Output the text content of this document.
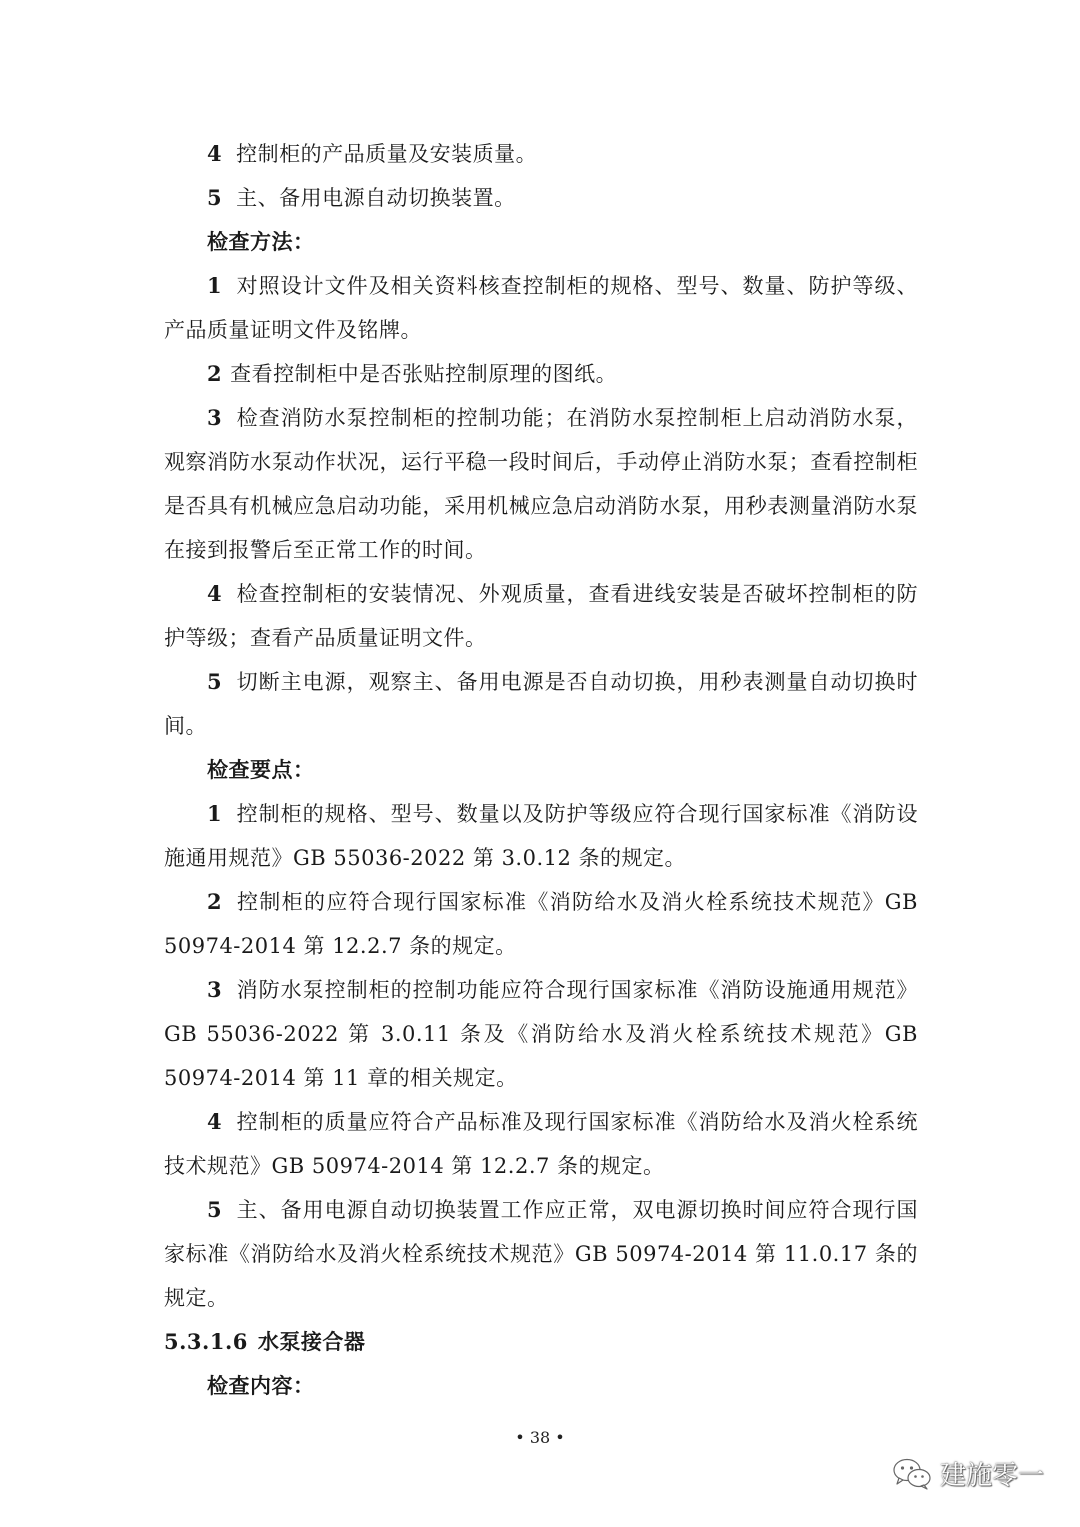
4 控制柜的产品质量及安装质量。

5 主、备用电源自动切换装置。

检查方法：

1 对照设计文件及相关资料核查控制柜的规格、型号、数量、防护等级、产品质量证明文件及铭牌。

2 查看控制柜中是否张贴控制原理的图纸。

3 检查消防水泵控制柜的控制功能；在消防水泵控制柜上启动消防水泵，观察消防水泵动作状况，运行平稳一段时间后，手动停止消防水泵；查看控制柜是否具有机械应急启动功能，采用机械应急启动消防水泵，用秒表测量消防水泵在接到报警后至正常工作的时间。

4 检查控制柜的安装情况、外观质量，查看进线安装是否破坏控制柜的防护等级；查看产品质量证明文件。

5 切断主电源，观察主、备用电源是否自动切换，用秒表测量自动切换时间。

检查要点：

1 控制柜的规格、型号、数量以及防护等级应符合现行国家标准《消防设施通用规范》GB 55036-2022 第 3.0.12 条的规定。

2 控制柜的应符合现行国家标准《消防给水及消火栓系统技术规范》GB 50974-2014 第 12.2.7 条的规定。

3 消防水泵控制柜的控制功能应符合现行国家标准《消防设施通用规范》GB 55036-2022 第 3.0.11 条及《消防给水及消火栓系统技术规范》GB 50974-2014 第 11 章的相关规定。

4 控制柜的质量应符合产品标准及现行国家标准《消防给水及消火栓系统技术规范》GB 50974-2014 第 12.2.7 条的规定。

5 主、备用电源自动切换装置工作应正常，双电源切换时间应符合现行国家标准《消防给水及消火栓系统技术规范》GB 50974-2014 第 11.0.17 条的规定。

5.3.1.6 水泵接合器

检查内容：

• 38 •
建施零一
